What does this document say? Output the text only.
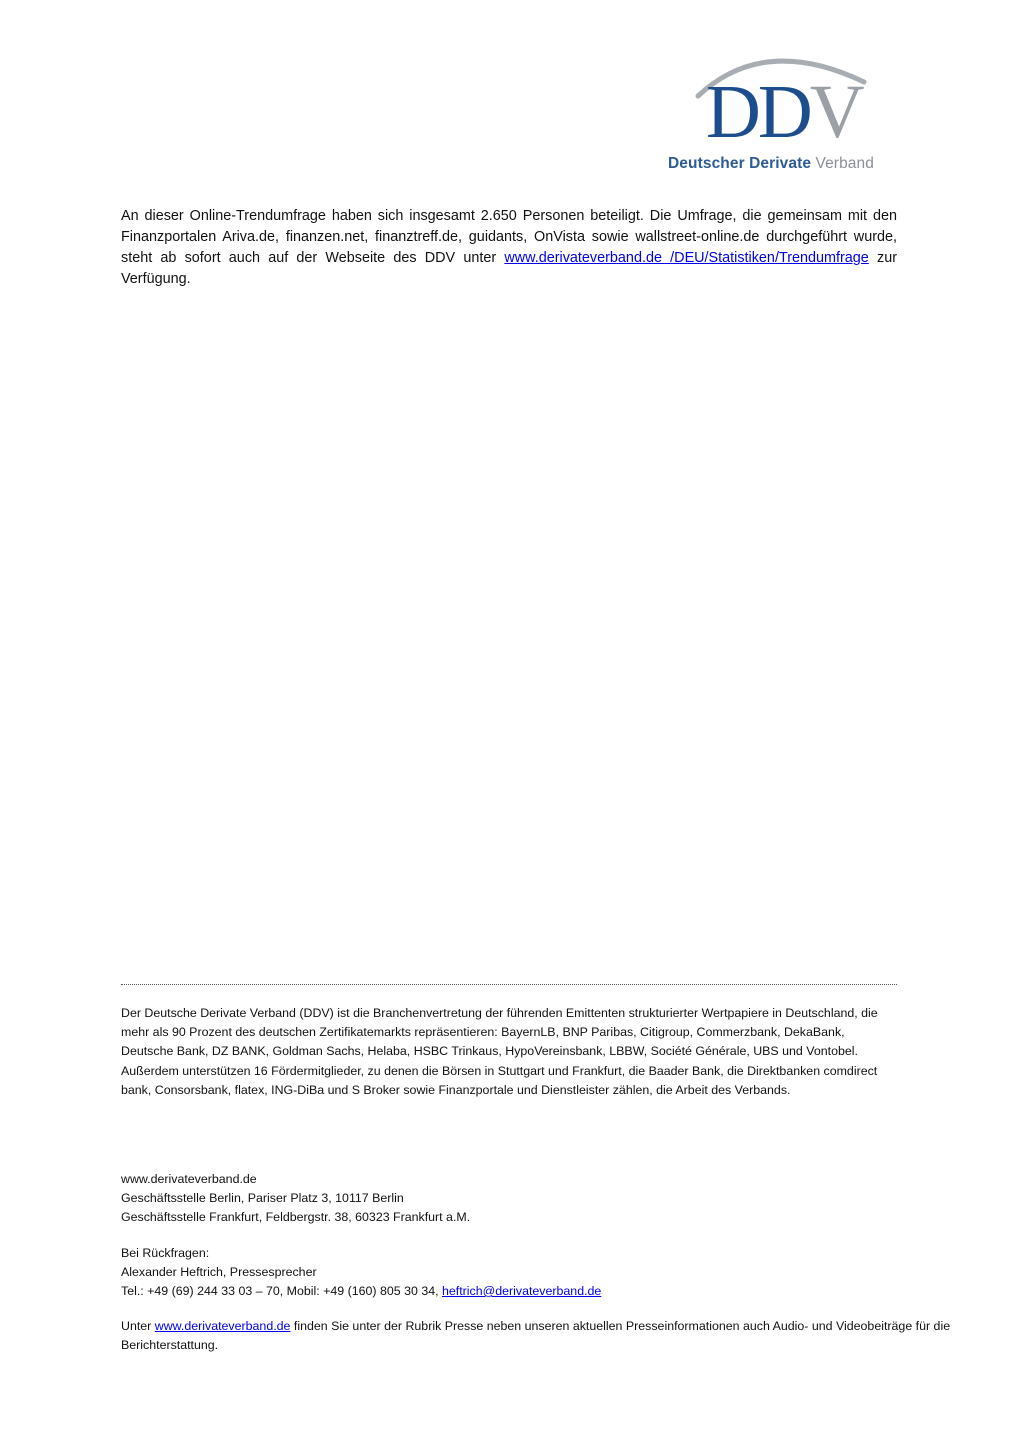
DDV
Deutscher Derivate Verband

An dieser Online-Trendumfrage haben sich insgesamt 2.650 Personen beteiligt. Die Umfrage, die gemeinsam mit den Finanzportalen Ariva.de, finanzen.net, finanztreff.de, guidants, OnVista sowie wallstreet-online.de durchgeführt wurde, steht ab sofort auch auf der Webseite des DDV unter www.derivateverband.de /DEU/Statistiken/Trendumfrage zur Verfügung.

Der Deutsche Derivate Verband (DDV) ist die Branchenvertretung der führenden Emittenten strukturierter Wertpapiere in Deutschland, die mehr als 90 Prozent des deutschen Zertifikatemarkts repräsentieren: BayernLB, BNP Paribas, Citigroup, Commerzbank, DekaBank, Deutsche Bank, DZ BANK, Goldman Sachs, Helaba, HSBC Trinkaus, HypoVereinsbank, LBBW, Société Générale, UBS und Vontobel. Außerdem unterstützen 16 Fördermitglieder, zu denen die Börsen in Stuttgart und Frankfurt, die Baader Bank, die Direktbanken comdirect bank, Consorsbank, flatex, ING-DiBa und S Broker sowie Finanzportale und Dienstleister zählen, die Arbeit des Verbands.

www.derivateverband.de
Geschäftsstelle Berlin, Pariser Platz 3, 10117 Berlin
Geschäftsstelle Frankfurt, Feldbergstr. 38, 60323 Frankfurt a.M.
Bei Rückfragen:
Alexander Heftrich, Pressesprecher
Tel.: +49 (69) 244 33 03 – 70, Mobil: +49 (160) 805 30 34, heftrich@derivateverband.de

Unter www.derivateverband.de finden Sie unter der Rubrik Presse neben unseren aktuellen Presseinformationen auch Audio- und Videobeiträge für die Berichterstattung.
